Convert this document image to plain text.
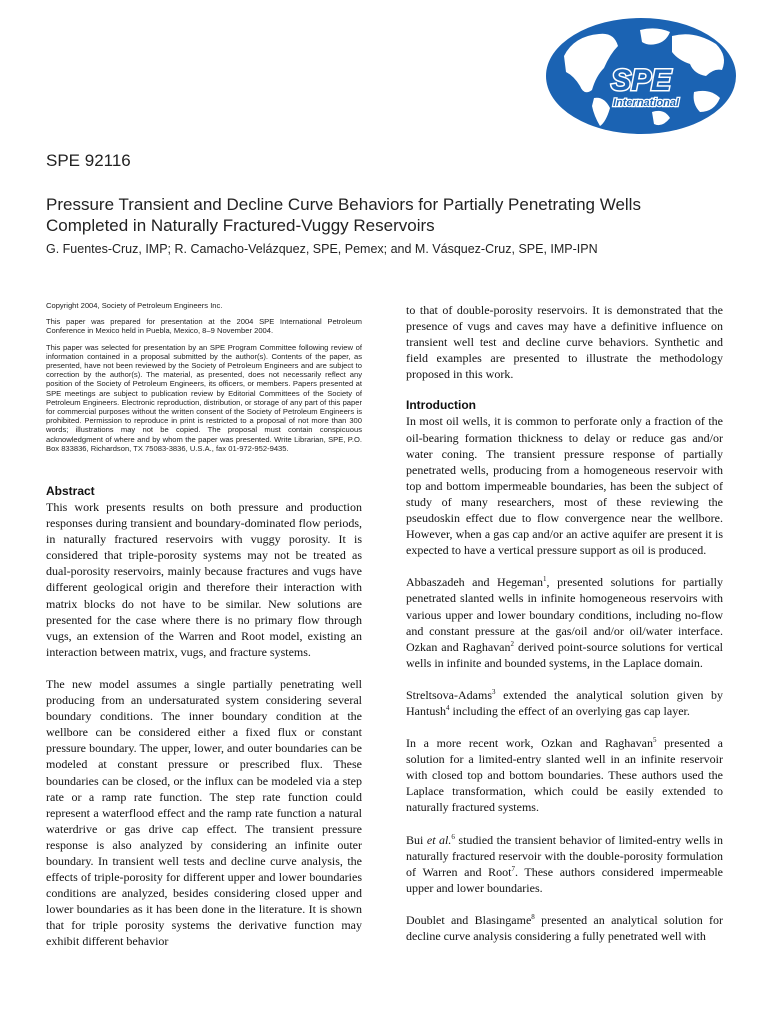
SPE
International
SPE 92116
Pressure Transient and Decline Curve Behaviors for Partially Penetrating Wells Completed in Naturally Fractured-Vuggy Reservoirs
G. Fuentes-Cruz, IMP; R. Camacho-Velázquez, SPE, Pemex; and M. Vásquez-Cruz, SPE, IMP-IPN

Copyright 2004, Society of Petroleum Engineers Inc.

This paper was prepared for presentation at the 2004 SPE International Petroleum Conference in Mexico held in Puebla, Mexico, 8–9 November 2004.

This paper was selected for presentation by an SPE Program Committee following review of information contained in a proposal submitted by the author(s). Contents of the paper, as presented, have not been reviewed by the Society of Petroleum Engineers and are subject to correction by the author(s). The material, as presented, does not necessarily reflect any position of the Society of Petroleum Engineers, its officers, or members. Papers presented at SPE meetings are subject to publication review by Editorial Committees of the Society of Petroleum Engineers. Electronic reproduction, distribution, or storage of any part of this paper for commercial purposes without the written consent of the Society of Petroleum Engineers is prohibited. Permission to reproduce in print is restricted to a proposal of not more than 300 words; illustrations may not be copied. The proposal must contain conspicuous acknowledgment of where and by whom the paper was presented. Write Librarian, SPE, P.O. Box 833836, Richardson, TX 75083-3836, U.S.A., fax 01-972-952-9435.

Abstract

This work presents results on both pressure and production responses during transient and boundary-dominated flow periods, in naturally fractured reservoirs with vuggy porosity. It is considered that triple-porosity systems may not be treated as dual-porosity reservoirs, mainly because fractures and vugs have different geological origin and therefore their interaction with matrix blocks do not have to be similar. New solutions are presented for the case where there is no primary flow through vugs, an extension of the Warren and Root model, existing an interaction between matrix, vugs, and fracture systems.

The new model assumes a single partially penetrating well producing from an undersaturated system considering several boundary conditions. The inner boundary condition at the wellbore can be considered either a fixed flux or constant pressure boundary. The upper, lower, and outer boundaries can be modeled at constant pressure or prescribed flux. These boundaries can be closed, or the influx can be modeled via a step rate or a ramp rate function. The step rate function could represent a waterflood effect and the ramp rate function a natural waterdrive or gas drive cap effect. The transient pressure response is also analyzed by considering an infinite outer boundary. In transient well tests and decline curve analysis, the effects of triple-porosity for different upper and lower boundaries conditions are analyzed, besides considering closed upper and lower boundaries as it has been done in the literature. It is shown that for triple porosity systems the derivative function may exhibit different behavior

to that of double-porosity reservoirs. It is demonstrated that the presence of vugs and caves may have a definitive influence on transient well test and decline curve behaviors. Synthetic and field examples are presented to illustrate the methodology proposed in this work.

Introduction

In most oil wells, it is common to perforate only a fraction of the oil-bearing formation thickness to delay or reduce gas and/or water coning. The transient pressure response of partially penetrated wells, producing from a homogeneous reservoir with top and bottom impermeable boundaries, has been the subject of study of many researchers, most of these reviewing the pseudoskin effect due to flow convergence near the wellbore. However, when a gas cap and/or an active aquifer are present it is expected to have a vertical pressure support as oil is produced.

Abbaszadeh and Hegeman$^1$, presented solutions for partially penetrated slanted wells in infinite homogeneous reservoirs with various upper and lower boundary conditions, including no-flow and constant pressure at the gas/oil and/or oil/water interface. Ozkan and Raghavan$^2$ derived point-source solutions for vertical wells in infinite and bounded systems, in the Laplace domain.

Streltsova-Adams$^3$ extended the analytical solution given by Hantush$^4$ including the effect of an overlying gas cap layer.

In a more recent work, Ozkan and Raghavan$^5$ presented a solution for a limited-entry slanted well in an infinite reservoir with closed top and bottom boundaries. These authors used the Laplace transformation, which could be easily extended to naturally fractured systems.

Bui et al.$^6$ studied the transient behavior of limited-entry wells in naturally fractured reservoir with the double-porosity formulation of Warren and Root$^7$. These authors considered impermeable upper and lower boundaries.

Doublet and Blasingame$^8$ presented an analytical solution for decline curve analysis considering a fully penetrated well with
